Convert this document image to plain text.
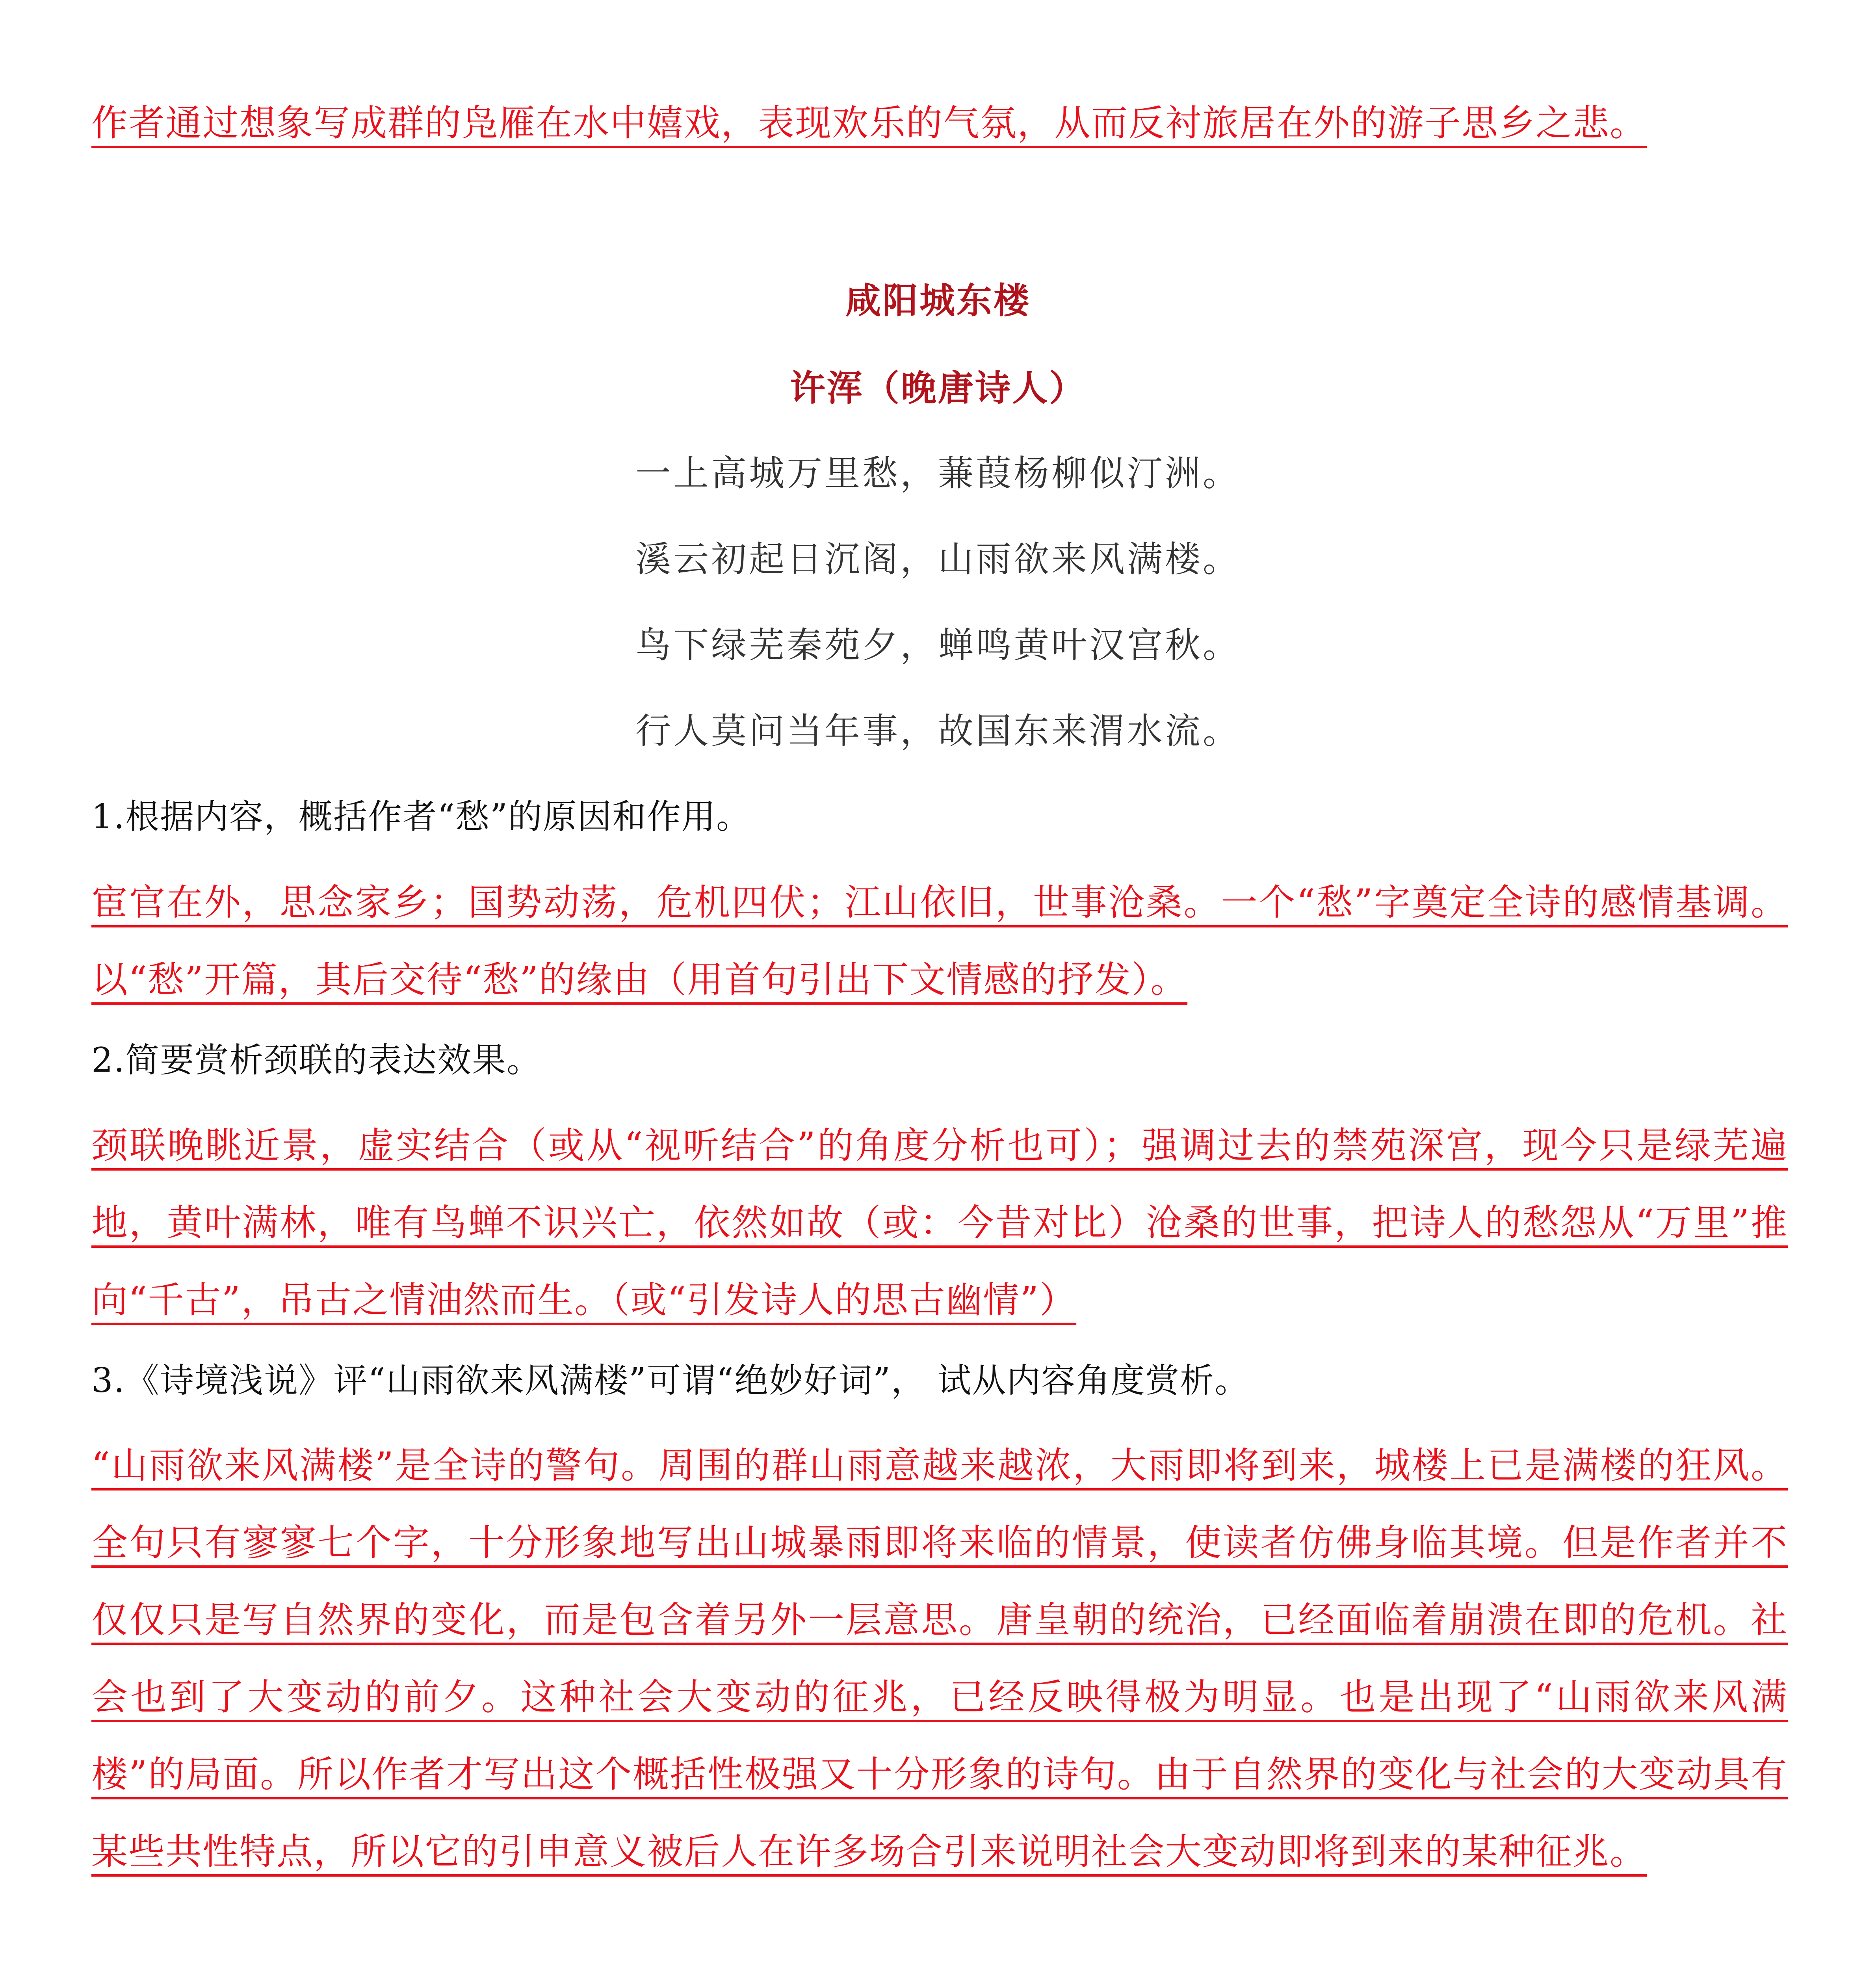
作者通过想象写成群的凫雁在水中嬉戏，表现欢乐的气氛，从而反衬旅居在外的游子思乡之悲。
咸阳城东楼
许浑（晚唐诗人）
一上高城万里愁，蒹葭杨柳似汀洲。
溪云初起日沉阁，山雨欲来风满楼。
鸟下绿芜秦苑夕，蝉鸣黄叶汉宫秋。
行人莫问当年事，故国东来渭水流。
1.根据内容，概括作者“愁”的原因和作用。
宦官在外，思念家乡；国势动荡，危机四伏；江山依旧，世事沧桑。一个“愁”字奠定全诗的感情基调。以“愁”开篇，其后交待“愁”的缘由（用首句引出下文情感的抒发）。
2.简要赏析颈联的表达效果。
颈联晚眺近景，虚实结合（或从“视听结合”的角度分析也可）；强调过去的禁苑深宫，现今只是绿芜遍地，黄叶满林，唯有鸟蝉不识兴亡，依然如故（或：今昔对比）沧桑的世事，把诗人的愁怨从“万里”推向“千古”，吊古之情油然而生。（或“引发诗人的思古幽情”）
3.《诗境浅说》评“山雨欲来风满楼”可谓“绝妙好词”， 试从内容角度赏析。
“山雨欲来风满楼”是全诗的警句。周围的群山雨意越来越浓，大雨即将到来，城楼上已是满楼的狂风。全句只有寥寥七个字，十分形象地写出山城暴雨即将来临的情景，使读者仿佛身临其境。但是作者并不仅仅只是写自然界的变化，而是包含着另外一层意思。唐皇朝的统治，已经面临着崩溃在即的危机。社会也到了大变动的前夕。这种社会大变动的征兆，已经反映得极为明显。也是出现了“山雨欲来风满楼”的局面。所以作者才写出这个概括性极强又十分形象的诗句。由于自然界的变化与社会的大变动具有某些共性特点，所以它的引申意义被后人在许多场合引来说明社会大变动即将到来的某种征兆。
